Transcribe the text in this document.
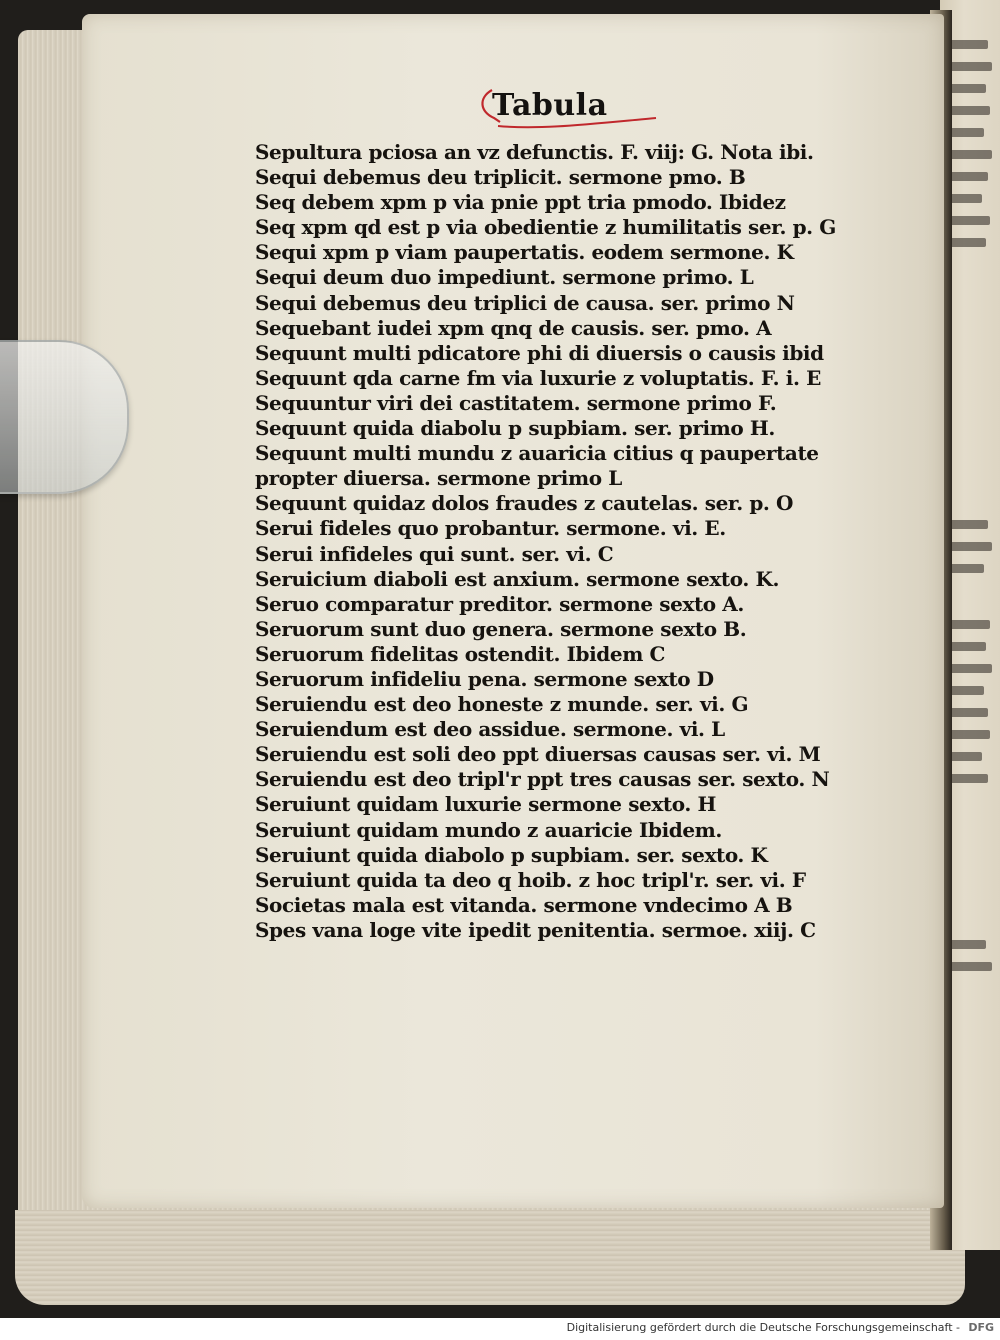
Tabula
Sepultura pciosa an vz defunctis. F. viij: G. Nota ibi.
Sequi debemus deu triplicit. sermone pmo. B
Seq debem xpm p via pnie ppt tria pmodo. Ibidez
Seq xpm qd est p via obedientie z humilitatis ser. p. G
Sequi xpm p viam paupertatis. eodem sermone. K
Sequi deum duo impediunt. sermone primo. L
Sequi debemus deu triplici de causa. ser. primo N
Sequebant iudei xpm qnq de causis. ser. pmo. A
Sequunt multi pdicatore phi di diuersis o causis ibid
Sequunt qda carne fm via luxurie z voluptatis. F. i. E
Sequuntur viri dei castitatem. sermone primo F.
Sequunt quida diabolu p supbiam. ser. primo H.
Sequunt multi mundu z auaricia citius q paupertate
propter diuersa. sermone primo L
Sequunt quidaz dolos fraudes z cautelas. ser. p. O
Serui fideles quo probantur. sermone. vi. E.
Serui infideles qui sunt. ser. vi. C
Seruicium diaboli est anxium. sermone sexto. K.
Seruo comparatur preditor. sermone sexto A.
Seruorum sunt duo genera. sermone sexto B.
Seruorum fidelitas ostendit. Ibidem C
Seruorum infideliu pena. sermone sexto D
Seruiendu est deo honeste z munde. ser. vi. G
Seruiendum est deo assidue. sermone. vi. L
Seruiendu est soli deo ppt diuersas causas ser. vi. M
Seruiendu est deo tripl'r ppt tres causas ser. sexto. N
Seruiunt quidam luxurie sermone sexto. H
Seruiunt quidam mundo z auaricie Ibidem.
Seruiunt quida diabolo p supbiam. ser. sexto. K
Seruiunt quida ta deo q hoib. z hoc tripl'r. ser. vi. F
Societas mala est vitanda. sermone vndecimo A B
Spes vana loge vite ipedit penitentia. sermoe. xiij. C
Digitalisierung gefördert durch die Deutsche Forschungsgemeinschaft - DFG
